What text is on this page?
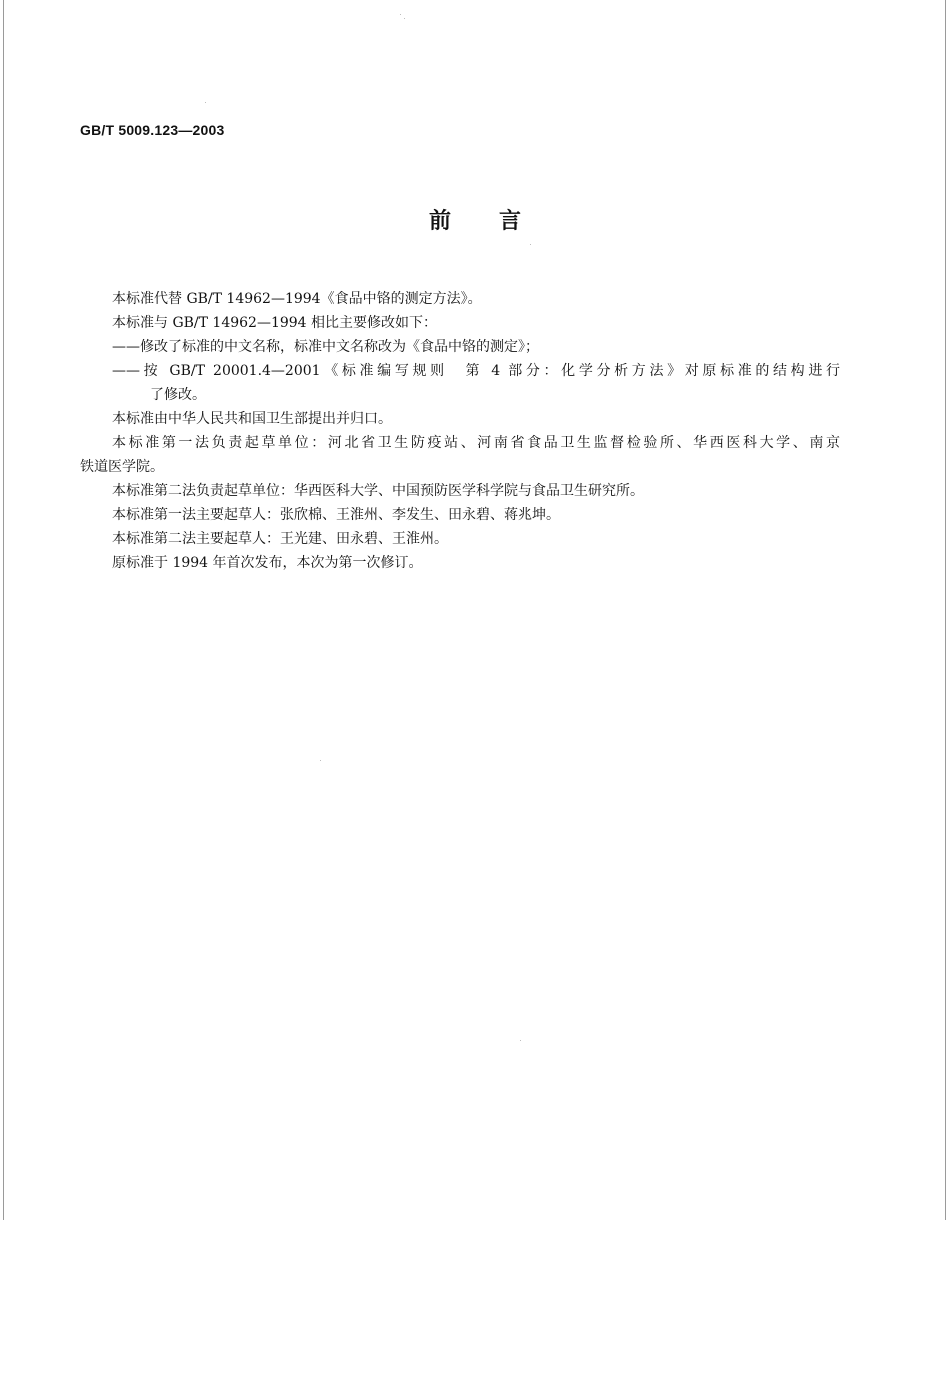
GB/T 5009.123—2003
前 言

本标准代替 GB/T 14962—1994《食品中铬的测定方法》。

本标准与 GB/T 14962—1994 相比主要修改如下：

——修改了标准的中文名称，标准中文名称改为《食品中铬的测定》；

——按 GB/T 20001.4—2001《标准编写规则　第 4 部分：化学分析方法》对原标准的结构进行

了修改。

本标准由中华人民共和国卫生部提出并归口。

本标准第一法负责起草单位：河北省卫生防疫站、河南省食品卫生监督检验所、华西医科大学、南京

铁道医学院。

本标准第二法负责起草单位：华西医科大学、中国预防医学科学院与食品卫生研究所。

本标准第一法主要起草人：张欣棉、王淮州、李发生、田永碧、蒋兆坤。

本标准第二法主要起草人：王光建、田永碧、王淮州。

原标准于 1994 年首次发布，本次为第一次修订。
